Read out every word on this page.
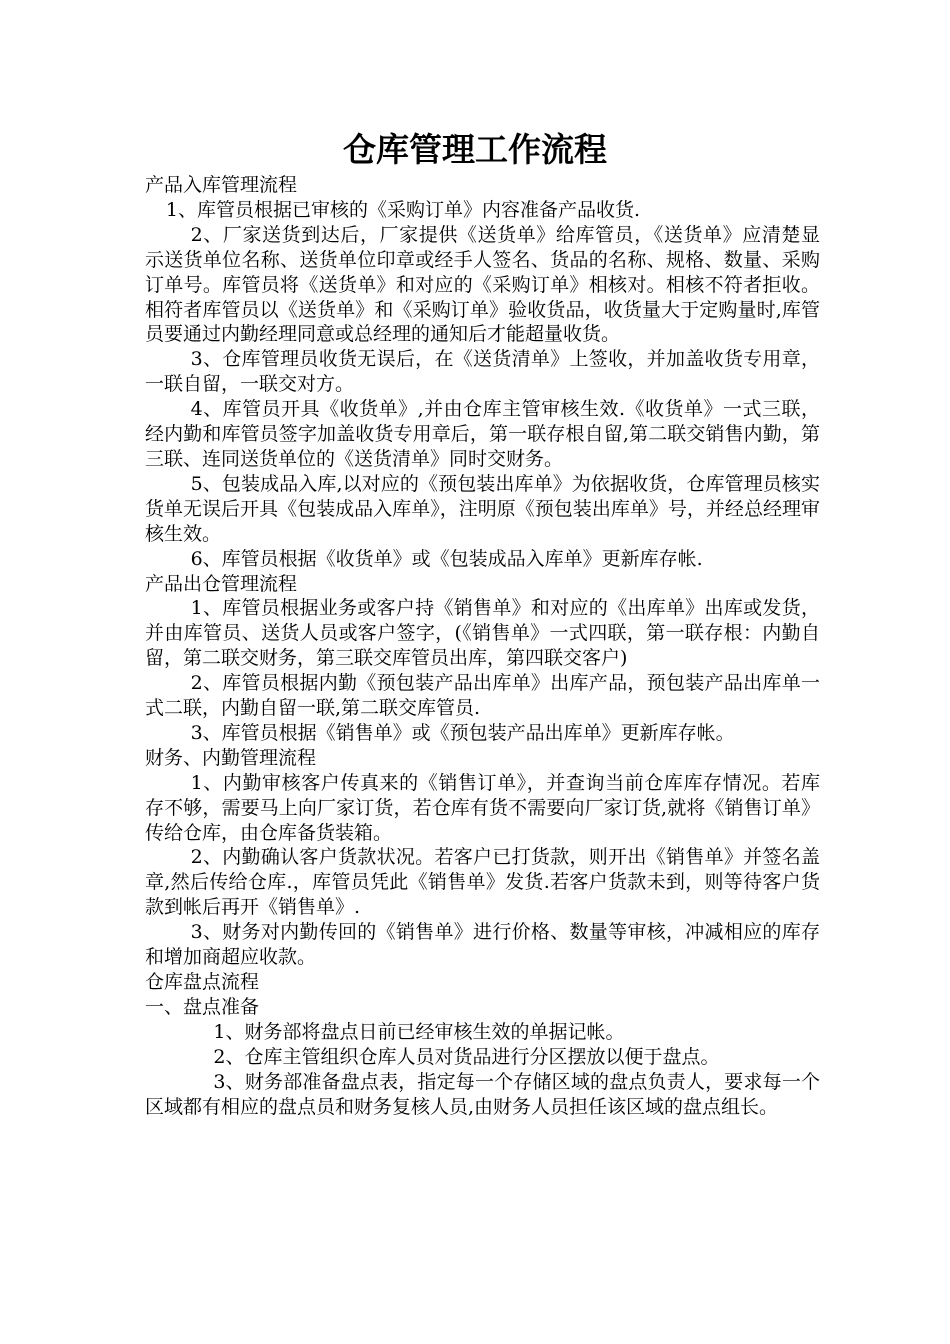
仓库管理工作流程

产品入库管理流程

1、库管员根据已审核的《采购订单》内容准备产品收货.

2、厂家送货到达后，厂家提供《送货单》给库管员，《送货单》应清楚显示送货单位名称、送货单位印章或经手人签名、货品的名称、规格、数量、采购订单号。库管员将《送货单》和对应的《采购订单》相核对。相核不符者拒收。相符者库管员以《送货单》和《采购订单》验收货品，收货量大于定购量时,库管员要通过内勤经理同意或总经理的通知后才能超量收货。

3、仓库管理员收货无误后，在《送货清单》上签收，并加盖收货专用章，一联自留，一联交对方。

4、库管员开具《收货单》,并由仓库主管审核生效.《收货单》一式三联，经内勤和库管员签字加盖收货专用章后，第一联存根自留,第二联交销售内勤，第三联、连同送货单位的《送货清单》同时交财务。

5、包装成品入库,以对应的《预包装出库单》为依据收货，仓库管理员核实货单无误后开具《包装成品入库单》，注明原《预包装出库单》号，并经总经理审核生效。

6、库管员根据《收货单》或《包装成品入库单》更新库存帐.

产品出仓管理流程

1、库管员根据业务或客户持《销售单》和对应的《出库单》出库或发货，并由库管员、送货人员或客户签字，(《销售单》一式四联，第一联存根：内勤自留，第二联交财务，第三联交库管员出库，第四联交客户)

2、库管员根据内勤《预包装产品出库单》出库产品，预包装产品出库单一式二联，内勤自留一联,第二联交库管员.

3、库管员根据《销售单》或《预包装产品出库单》更新库存帐。

财务、内勤管理流程

1、内勤审核客户传真来的《销售订单》，并查询当前仓库库存情况。若库存不够，需要马上向厂家订货，若仓库有货不需要向厂家订货,就将《销售订单》传给仓库，由仓库备货装箱。

2、内勤确认客户货款状况。若客户已打货款，则开出《销售单》并签名盖章,然后传给仓库.，库管员凭此《销售单》发货.若客户货款未到，则等待客户货款到帐后再开《销售单》.

3、财务对内勤传回的《销售单》进行价格、数量等审核，冲减相应的库存和增加商超应收款。

仓库盘点流程

一、盘点准备

1、财务部将盘点日前已经审核生效的单据记帐。

2、仓库主管组织仓库人员对货品进行分区摆放以便于盘点。

3、财务部准备盘点表，指定每一个存储区域的盘点负责人，要求每一个区域都有相应的盘点员和财务复核人员,由财务人员担任该区域的盘点组长。
